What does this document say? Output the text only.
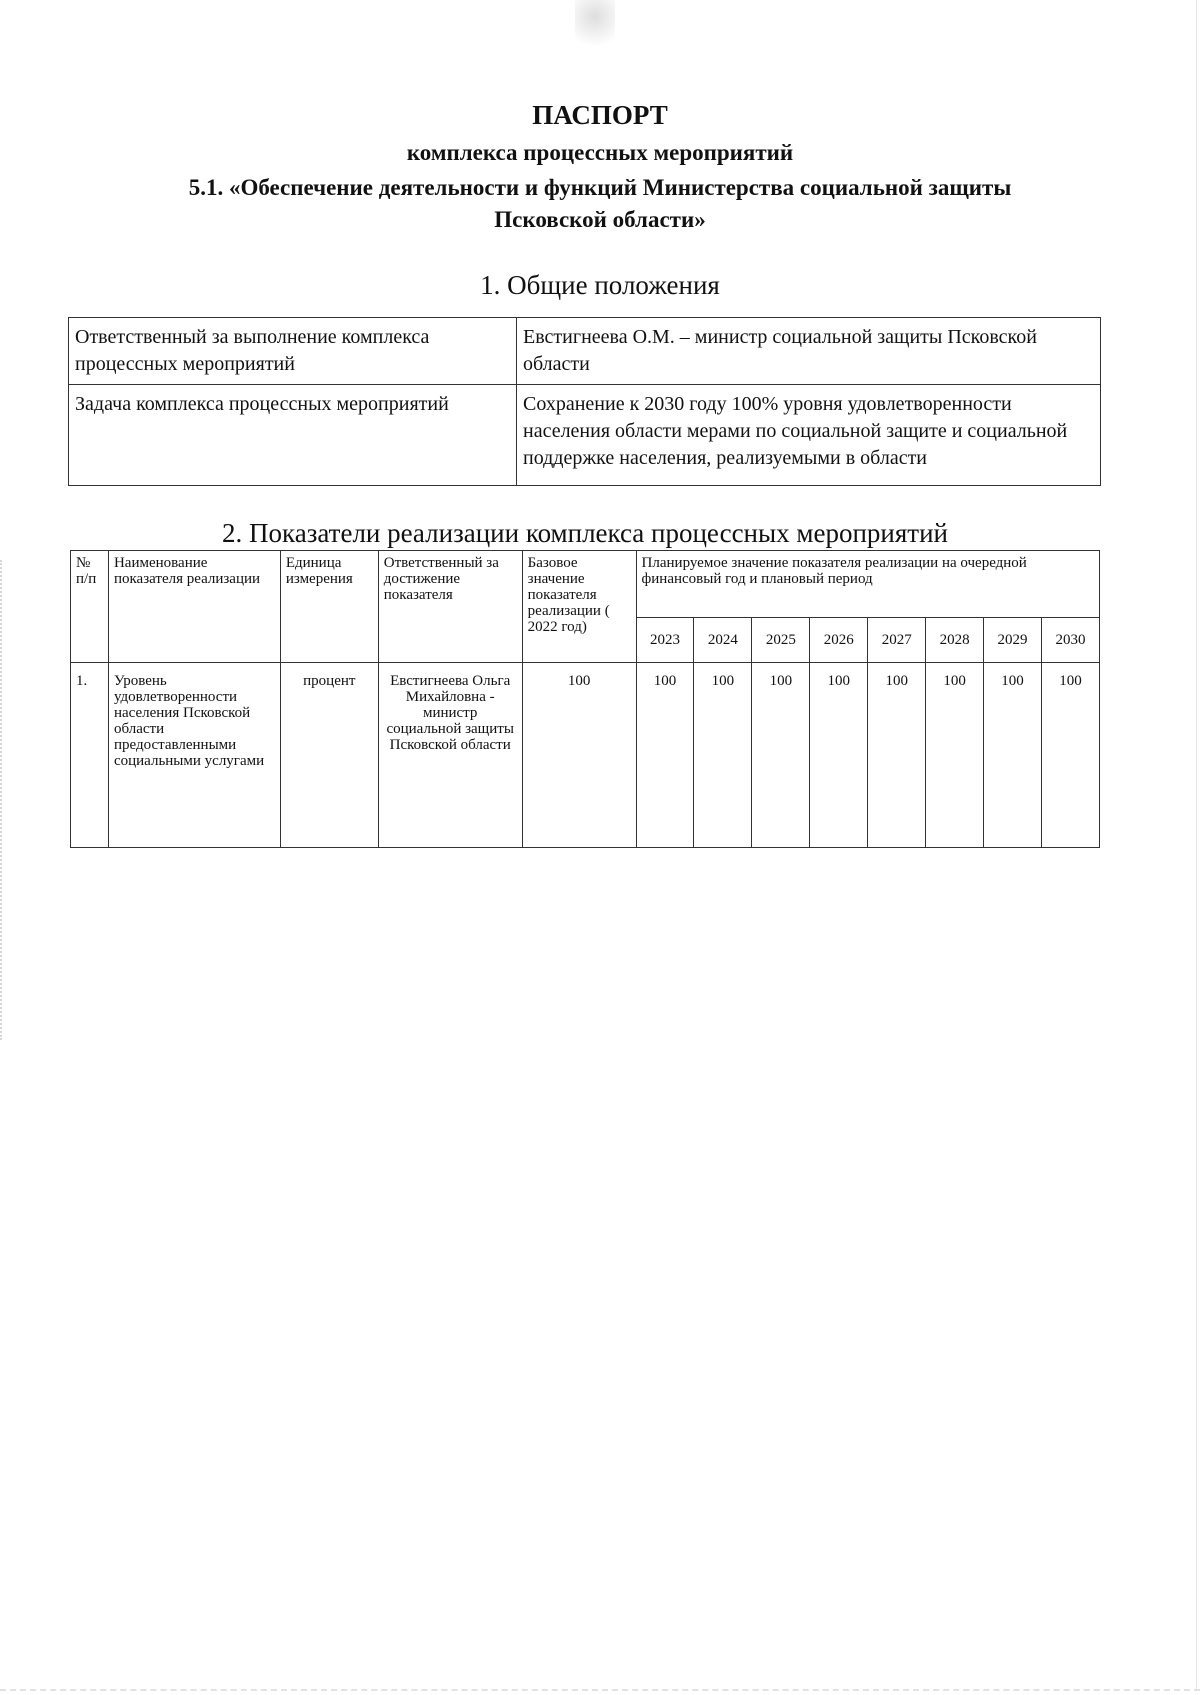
ПАСПОРТ
комплекса процессных мероприятий
5.1. «Обеспечение деятельности и функций Министерства социальной защиты Псковской области»
1. Общие положения
Ответственный за выполнение комплекса процессных мероприятий	Евстигнеева О.М. – министр социальной защиты Псковской области
Задача комплекса процессных мероприятий	Сохранение к 2030 году 100% уровня удовлетворенности населения области мерами по социальной защите и социальной поддержке населения, реализуемыми в области
2. Показатели реализации комплекса процессных мероприятий
№ п/п	Наименование показателя реализации	Единица измерения	Ответственный за достижение показателя	Базовое значение показателя реализации ( 2022 год)	Планируемое значение показателя реализации на очередной финансовый год и плановый период							
					2023	2024	2025	2026	2027	2028	2029	2030
1.	Уровень удовлетворенности населения Псковской области предоставленными социальными услугами	процент	Евстигнеева Ольга Михайловна - министр социальной защиты Псковской области	100	100	100	100	100	100	100	100	100
